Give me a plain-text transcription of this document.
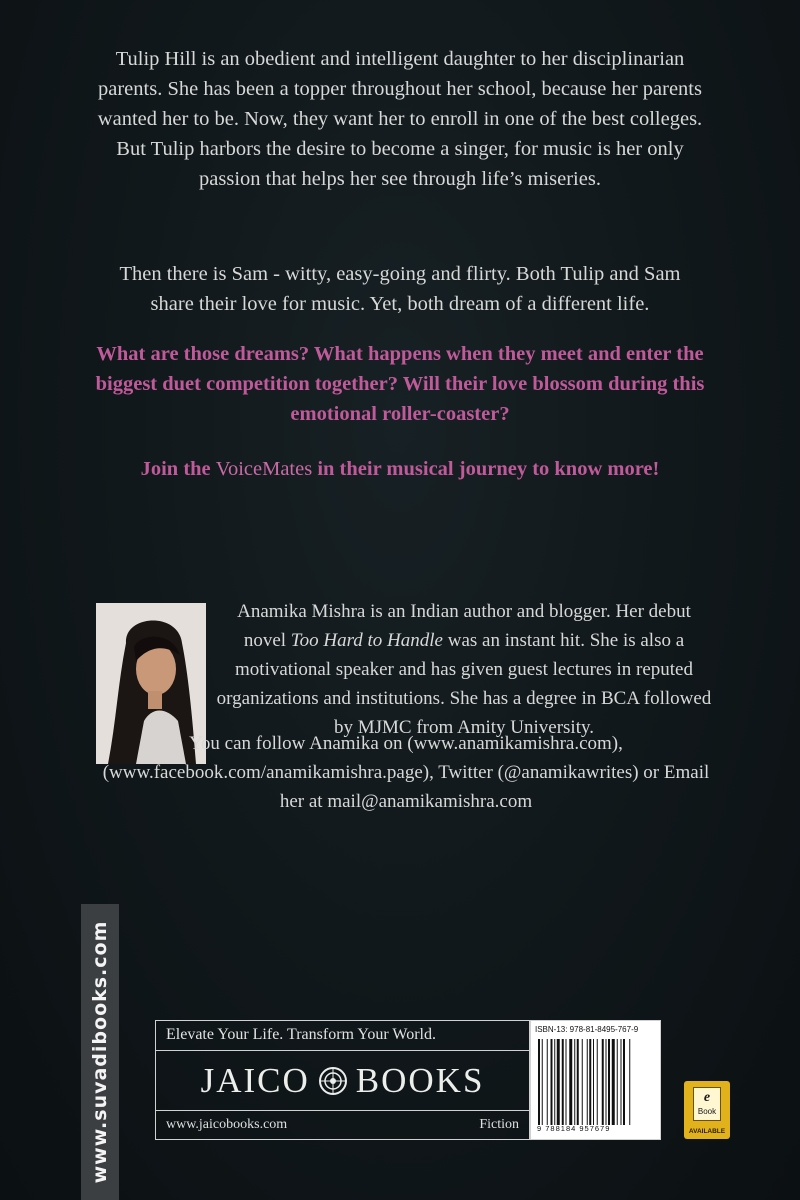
Tulip Hill is an obedient and intelligent daughter to her disciplinarian parents. She has been a topper throughout her school, because her parents wanted her to be. Now, they want her to enroll in one of the best colleges. But Tulip harbors the desire to become a singer, for music is her only passion that helps her see through life’s miseries.

Then there is Sam - witty, easy-going and flirty. Both Tulip and Sam share their love for music. Yet, both dream of a different life.

What are those dreams? What happens when they meet and enter the biggest duet competition together? Will their love blossom during this emotional roller-coaster?

Join the VoiceMates in their musical journey to know more!

Anamika Mishra is an Indian author and blogger. Her debut novel Too Hard to Handle was an instant hit. She is also a motivational speaker and has given guest lectures in reputed organizations and institutions. She has a degree in BCA followed by MJMC from Amity University.

You can follow Anamika on (www.anamikamishra.com), (www.facebook.com/anamikamishra.page), Twitter (@anamikawrites) or Email her at mail@anamikamishra.com

www.suvadibooks.com	Elevate Your Life. Transform Your World.
JAICO BOOKS
www.jaicobooks.com	Fiction
ISBN-13: 978-81-8495-767-9
9 788184 957679
e
Book
AVAILABLE
